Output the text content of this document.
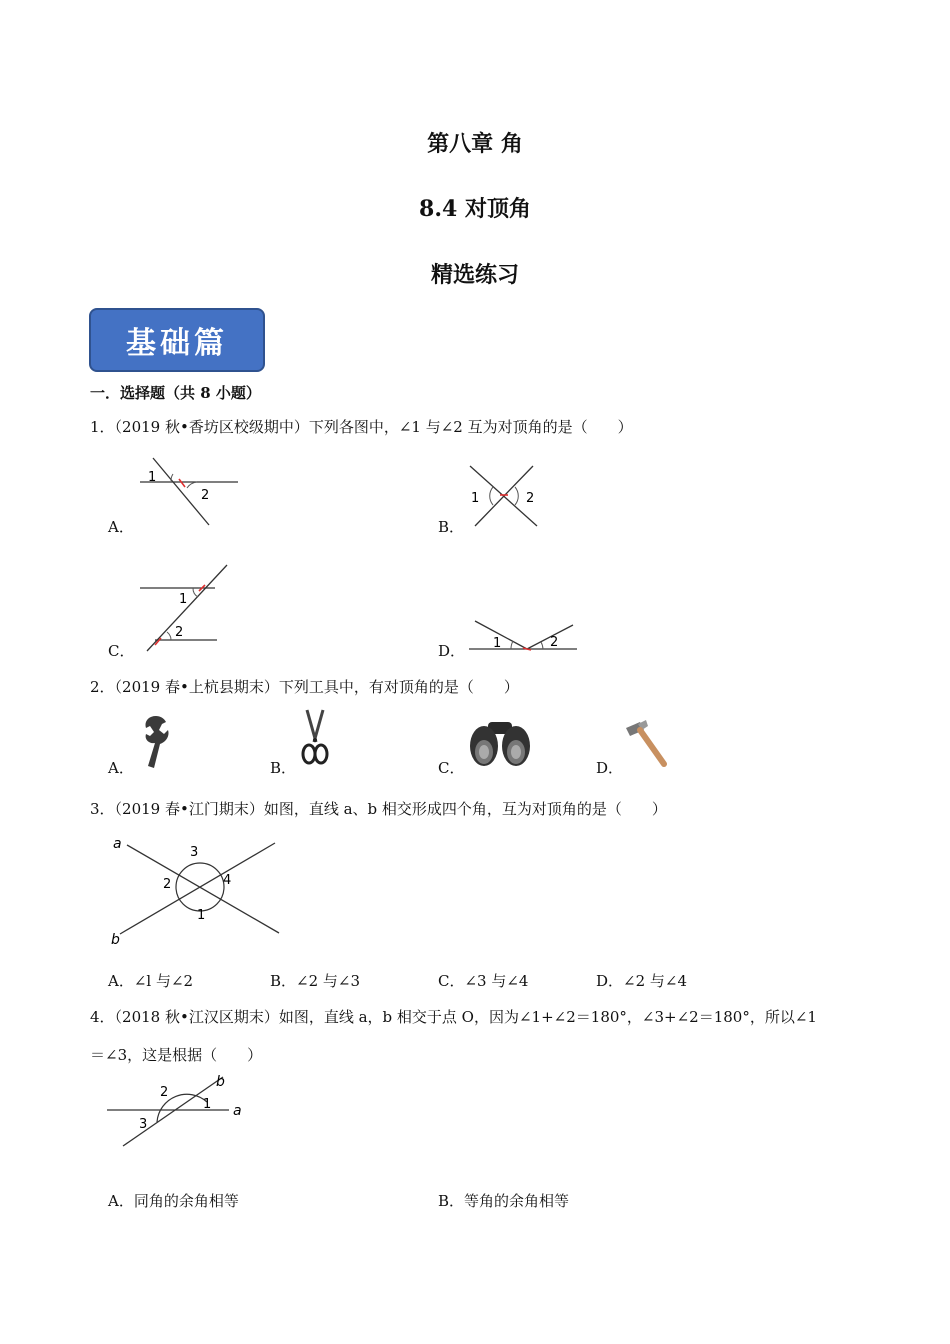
第八章 角
8.4 对顶角
精选练习
基础篇
一．选择题（共 8 小题）
1．（2019 秋•香坊区校级期中）下列各图中，∠1 与∠2 互为对顶角的是（　　）
1
2
A．
1	2
B．
1
2
C．	1	2
D．
2．（2019 春•上杭县期末）下列工具中，有对顶角的是（　　）
A．	B．	C．	D．
3．（2019 春•江门期末）如图，直线 a、b 相交形成四个角，互为对顶角的是（　　）
a
b
1
2
3
4
A．∠l 与∠2	B．∠2 与∠3	C．∠3 与∠4	D．∠2 与∠4
4．（2018 秋•江汉区期末）如图，直线 a，b 相交于点 O，因为∠1+∠2＝180°，∠3+∠2＝180°，所以∠1
＝∠3，这是根据（　　）
a
b
1
2
3
A．同角的余角相等	B．等角的余角相等
